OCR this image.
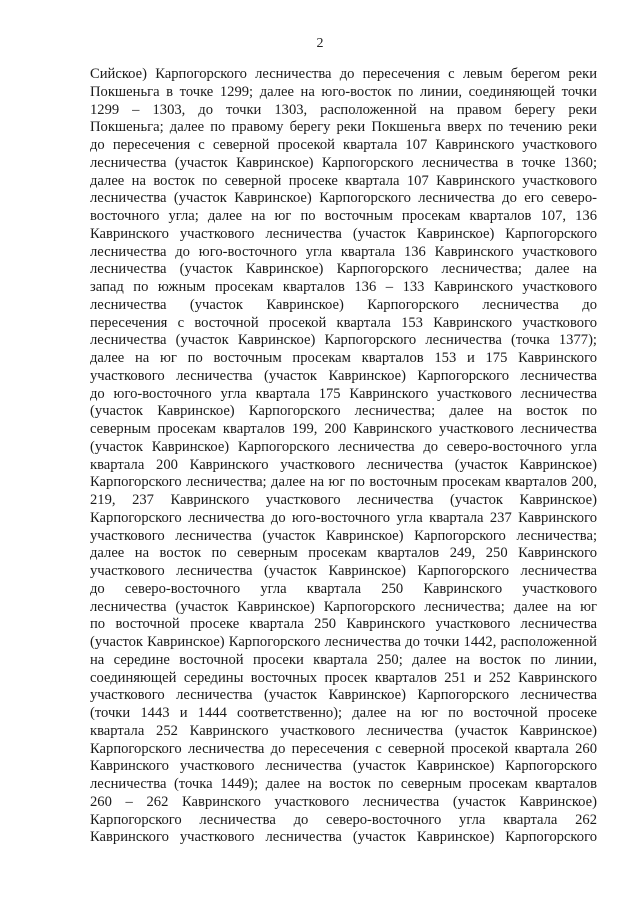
2
Сийское) Карпогорского лесничества до пересечения с левым берегом реки
Покшеньга в точке 1299; далее на юго-восток по линии, соединяющей точки
1299 – 1303, до точки 1303, расположенной на правом берегу реки
Покшеньга; далее по правому берегу реки Покшеньга вверх по течению реки
до пересечения с северной просекой квартала 107 Кавринского участкового
лесничества (участок Кавринское) Карпогорского лесничества в точке 1360;
далее на восток по северной просеке квартала 107 Кавринского участкового
лесничества (участок Кавринское) Карпогорского лесничества до его северо-
восточного угла; далее на юг по восточным просекам кварталов 107, 136
Кавринского участкового лесничества (участок Кавринское) Карпогорского
лесничества до юго-восточного угла квартала 136 Кавринского участкового
лесничества (участок Кавринское) Карпогорского лесничества; далее на
запад по южным просекам кварталов 136 – 133 Кавринского участкового
лесничества (участок Кавринское) Карпогорского лесничества до
пересечения с восточной просекой квартала 153 Кавринского участкового
лесничества (участок Кавринское) Карпогорского лесничества (точка 1377);
далее на юг по восточным просекам кварталов 153 и 175 Кавринского
участкового лесничества (участок Кавринское) Карпогорского лесничества
до юго-восточного угла квартала 175 Кавринского участкового лесничества
(участок Кавринское) Карпогорского лесничества; далее на восток по
северным просекам кварталов 199, 200 Кавринского участкового лесничества
(участок Кавринское) Карпогорского лесничества до северо-восточного угла
квартала 200 Кавринского участкового лесничества (участок Кавринское)
Карпогорского лесничества; далее на юг по восточным просекам кварталов 200,
219, 237 Кавринского участкового лесничества (участок Кавринское)
Карпогорского лесничества до юго-восточного угла квартала 237 Кавринского
участкового лесничества (участок Кавринское) Карпогорского лесничества;
далее на восток по северным просекам кварталов 249, 250 Кавринского
участкового лесничества (участок Кавринское) Карпогорского лесничества
до северо-восточного угла квартала 250 Кавринского участкового
лесничества (участок Кавринское) Карпогорского лесничества; далее на юг
по восточной просеке квартала 250 Кавринского участкового лесничества
(участок Кавринское) Карпогорского лесничества до точки 1442, расположенной
на середине восточной просеки квартала 250; далее на восток по линии,
соединяющей середины восточных просек кварталов 251 и 252 Кавринского
участкового лесничества (участок Кавринское) Карпогорского лесничества
(точки 1443 и 1444 соответственно); далее на юг по восточной просеке
квартала 252 Кавринского участкового лесничества (участок Кавринское)
Карпогорского лесничества до пересечения с северной просекой квартала 260
Кавринского участкового лесничества (участок Кавринское) Карпогорского
лесничества (точка 1449); далее на восток по северным просекам кварталов
260 – 262 Кавринского участкового лесничества (участок Кавринское)
Карпогорского лесничества до северо-восточного угла квартала 262
Кавринского участкового лесничества (участок Кавринское) Карпогорского
